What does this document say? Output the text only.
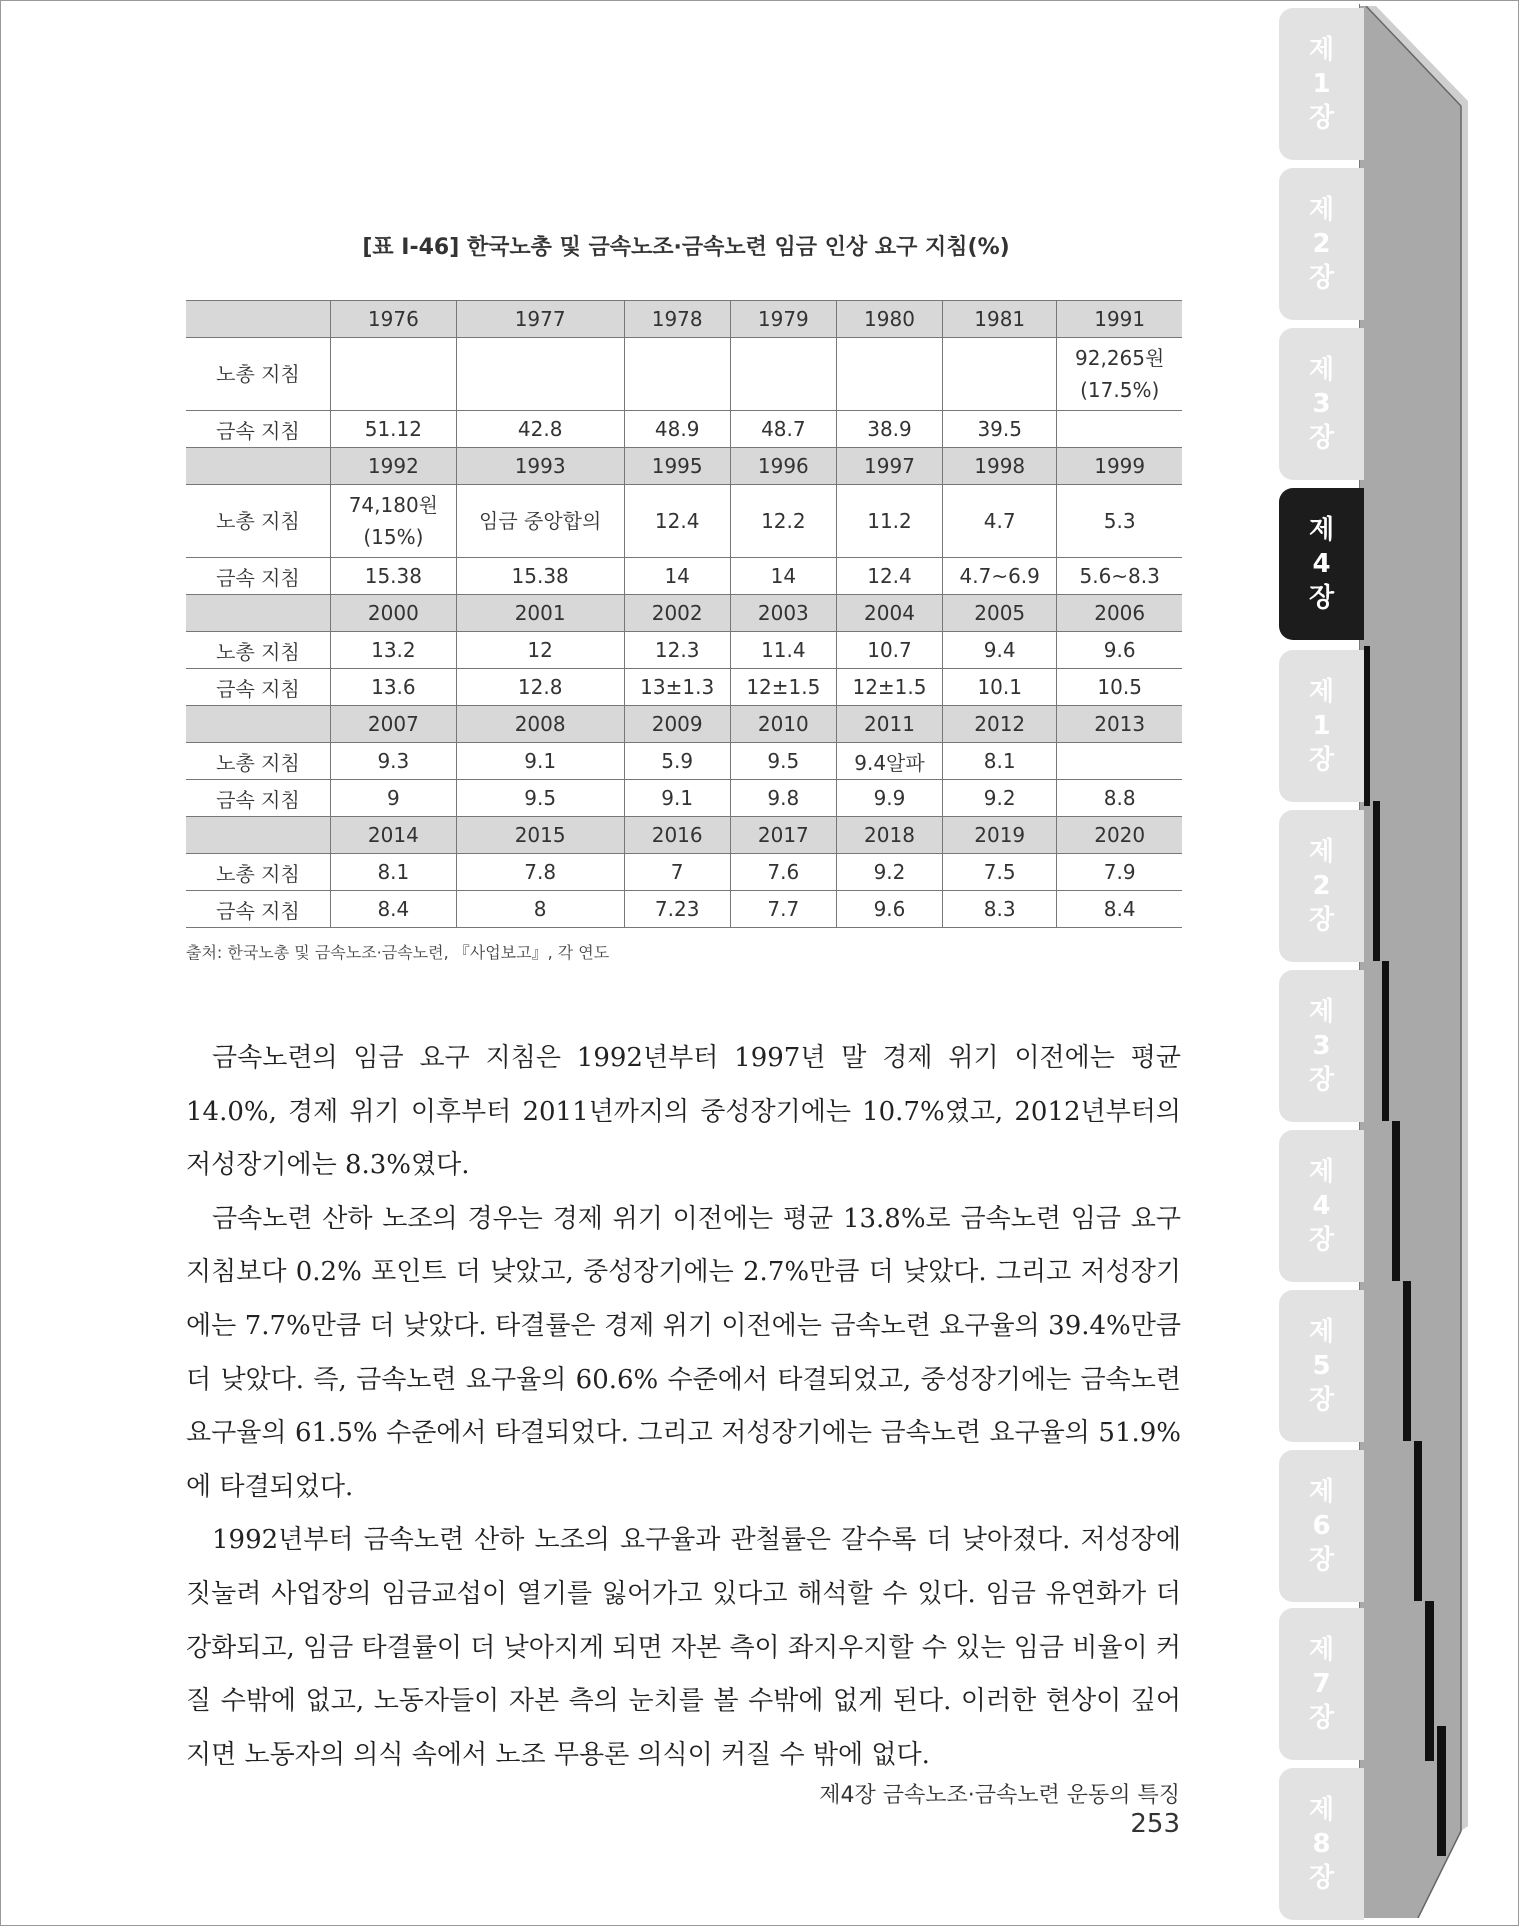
제
1
장
제
2
장
제
3
장
제
4
장
제
1
장
제
2
장
제
3
장
제
4
장
제
5
장
제
6
장
제
7
장
제
8
장
[표 Ⅰ-46] 한국노총 및 금속노조·금속노련 임금 인상 요구 지침(%)
	1976	1977	1978	1979	1980	1981	1991
노총 지침							92,265원
(17.5%)
금속 지침	51.12	42.8	48.9	48.7	38.9	39.5	
	1992	1993	1995	1996	1997	1998	1999
노총 지침	74,180원
(15%)	임금 중앙합의	12.4	12.2	11.2	4.7	5.3
금속 지침	15.38	15.38	14	14	12.4	4.7~6.9	5.6~8.3
	2000	2001	2002	2003	2004	2005	2006
노총 지침	13.2	12	12.3	11.4	10.7	9.4	9.6
금속 지침	13.6	12.8	13±1.3	12±1.5	12±1.5	10.1	10.5
	2007	2008	2009	2010	2011	2012	2013
노총 지침	9.3	9.1	5.9	9.5	9.4알파	8.1	
금속 지침	9	9.5	9.1	9.8	9.9	9.2	8.8
	2014	2015	2016	2017	2018	2019	2020
노총 지침	8.1	7.8	7	7.6	9.2	7.5	7.9
금속 지침	8.4	8	7.23	7.7	9.6	8.3	8.4
출처: 한국노총 및 금속노조·금속노련, 『사업보고』, 각 연도

금속노련의 임금 요구 지침은 1992년부터 1997년 말 경제 위기 이전에는 평균 14.0%, 경제 위기 이후부터 2011년까지의 중성장기에는 10.7%였고, 2012년부터의 저성장기에는 8.3%였다.

금속노련 산하 노조의 경우는 경제 위기 이전에는 평균 13.8%로 금속노련 임금 요구 지침보다 0.2% 포인트 더 낮았고, 중성장기에는 2.7%만큼 더 낮았다. 그리고 저성장기에는 7.7%만큼 더 낮았다. 타결률은 경제 위기 이전에는 금속노련 요구율의 39.4%만큼 더 낮았다. 즉, 금속노련 요구율의 60.6% 수준에서 타결되었고, 중성장기에는 금속노련 요구율의 61.5% 수준에서 타결되었다. 그리고 저성장기에는 금속노련 요구율의 51.9%에 타결되었다.

1992년부터 금속노련 산하 노조의 요구율과 관철률은 갈수록 더 낮아졌다. 저성장에 짓눌려 사업장의 임금교섭이 열기를 잃어가고 있다고 해석할 수 있다. 임금 유연화가 더 강화되고, 임금 타결률이 더 낮아지게 되면 자본 측이 좌지우지할 수 있는 임금 비율이 커질 수밖에 없고, 노동자들이 자본 측의 눈치를 볼 수밖에 없게 된다. 이러한 현상이 깊어지면 노동자의 의식 속에서 노조 무용론 의식이 커질 수 밖에 없다.

제4장 금속노조·금속노련 운동의 특징253
